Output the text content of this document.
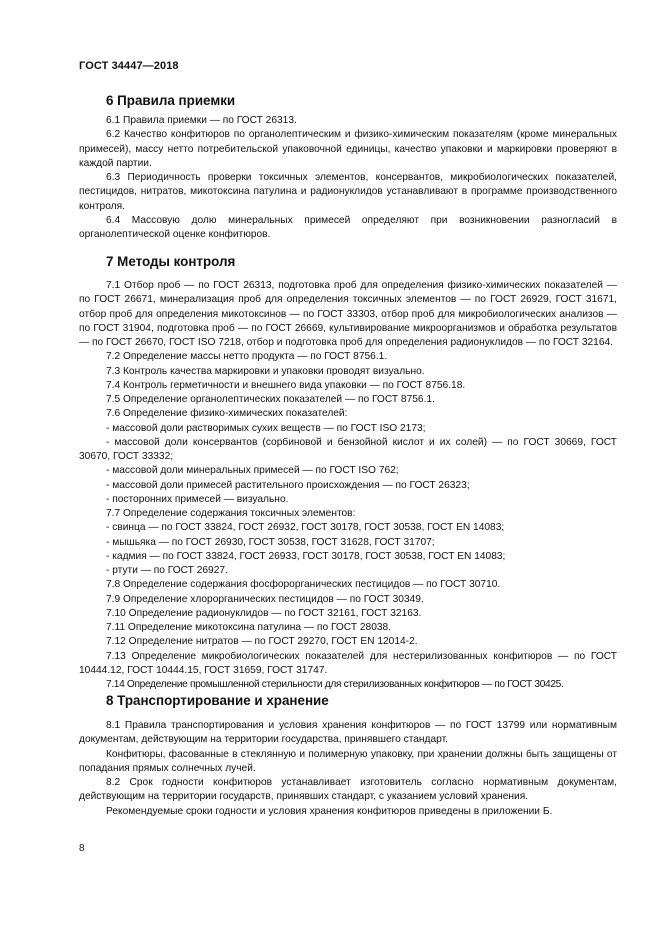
ГОСТ 34447—2018
6 Правила приемки

6.1 Правила приемки — по ГОСТ 26313.

6.2 Качество конфитюров по органолептическим и физико-химическим показателям (кроме минеральных примесей), массу нетто потребительской упаковочной единицы, качество упаковки и маркировки проверяют в каждой партии.

6.3 Периодичность проверки токсичных элементов, консервантов, микробиологических показателей, пестицидов, нитратов, микотоксина патулина и радионуклидов устанавливают в программе производственного контроля.

6.4 Массовую долю минеральных примесей определяют при возникновении разногласий в органолептической оценке конфитюров.

7 Методы контроля

7.1 Отбор проб — по ГОСТ 26313, подготовка проб для определения физико-химических показателей — по ГОСТ 26671, минерализация проб для определения токсичных элементов — по ГОСТ 26929, ГОСТ 31671, отбор проб для определения микотоксинов — по ГОСТ 33303, отбор проб для микробиологических анализов — по ГОСТ 31904, подготовка проб — по ГОСТ 26669, культивирование микроорганизмов и обработка результатов — по ГОСТ 26670, ГОСТ ISO 7218, отбор и подготовка проб для определения радионуклидов — по ГОСТ 32164.

7.2 Определение массы нетто продукта — по ГОСТ 8756.1.

7.3 Контроль качества маркировки и упаковки проводят визуально.

7.4 Контроль герметичности и внешнего вида упаковки — по ГОСТ 8756.18.

7.5 Определение органолептических показателей — по ГОСТ 8756.1.

7.6 Определение физико-химических показателей:

- массовой доли растворимых сухих веществ — по ГОСТ ISO 2173;

- массовой доли консервантов (сорбиновой и бензойной кислот и их солей) — по ГОСТ 30669, ГОСТ 30670, ГОСТ 33332;

- массовой доли минеральных примесей — по ГОСТ ISO 762;

- массовой доли примесей растительного происхождения — по ГОСТ 26323;

- посторонних примесей — визуально.

7.7 Определение содержания токсичных элементов:

- свинца — по ГОСТ 33824, ГОСТ 26932, ГОСТ 30178, ГОСТ 30538, ГОСТ EN 14083;

- мышьяка — по ГОСТ 26930, ГОСТ 30538, ГОСТ 31628, ГОСТ 31707;

- кадмия — по ГОСТ 33824, ГОСТ 26933, ГОСТ 30178, ГОСТ 30538, ГОСТ EN 14083;

- ртути — по ГОСТ 26927.

7.8 Определение содержания фосфорорганических пестицидов — по ГОСТ 30710.

7.9 Определение хлорорганических пестицидов — по ГОСТ 30349.

7.10 Определение радионуклидов — по ГОСТ 32161, ГОСТ 32163.

7.11 Определение микотоксина патулина — по ГОСТ 28038.

7.12 Определение нитратов — по ГОСТ 29270, ГОСТ EN 12014-2.

7.13 Определение микробиологических показателей для нестерилизованных конфитюров — по ГОСТ 10444.12, ГОСТ 10444.15, ГОСТ 31659, ГОСТ 31747.

7.14 Определение промышленной стерильности для стерилизованных конфитюров — по ГОСТ 30425.

8 Транспортирование и хранение

8.1 Правила транспортирования и условия хранения конфитюров — по ГОСТ 13799 или нормативным документам, действующим на территории государства, принявшего стандарт.

Конфитюры, фасованные в стеклянную и полимерную упаковку, при хранении должны быть защищены от попадания прямых солнечных лучей.

8.2 Срок годности конфитюров устанавливает изготовитель согласно нормативным документам, действующим на территории государств, принявших стандарт, с указанием условий хранения.

Рекомендуемые сроки годности и условия хранения конфитюров приведены в приложении Б.

8
